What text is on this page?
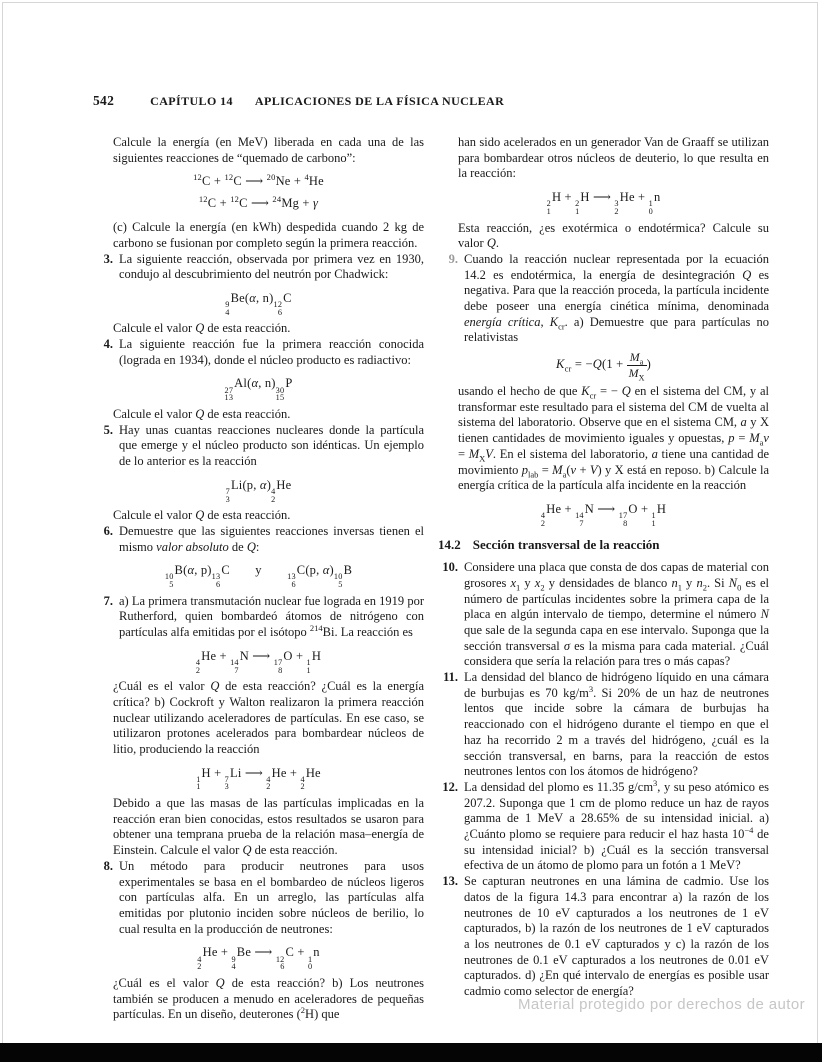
542	CAPÍTULO 14 APLICACIONES DE LA FÍSICA NUCLEAR
Calcule la energía (en MeV) liberada en cada una de las siguientes reacciones de “quemado de carbono”:
$^{12}$C + $^{12}$C ⟶ $^{20}$Ne + $^4$He
$^{12}$C + $^{12}$C ⟶ $^{24}$Mg + γ
(c) Calcule la energía (en kWh) despedida cuando 2 kg de carbono se fusionan por completo según la primera reacción.
3. La siguiente reacción, observada por primera vez en 1930, condujo al descubrimiento del neutrón por Chadwick:
9
4
Be(α, n) 12
6
C
Calcule el valor Q de esta reacción.
4. La siguiente reacción fue la primera reacción conocida (lograda en 1934), donde el núcleo producto es radiactivo:
27
13
Al(α, n) 30
15
P
Calcule el valor Q de esta reacción.
5. Hay unas cuantas reacciones nucleares donde la partícula que emerge y el núcleo producto son idénticas. Un ejemplo de lo anterior es la reacción
7
3
Li(p, α) 4
2
He
Calcule el valor Q de esta reacción.
6. Demuestre que las siguientes reacciones inversas tienen el mismo valor absoluto de Q:
10
5
B(α, p) 13
6
C  y   13
6
C(p, α) 10
5
B
7. a) La primera transmutación nuclear fue lograda en 1919 por Rutherford, quien bombardeó átomos de nitrógeno con partículas alfa emitidas por el isótopo $^{214}$Bi. La reacción es
4
2
He + 14
7
N ⟶ 17
8
O + 1
1
H
¿Cuál es el valor Q de esta reacción? ¿Cuál es la energía crítica? b) Cockroft y Walton realizaron la primera reacción nuclear utilizando aceleradores de partículas. En ese caso, se utilizaron protones acelerados para bombardear núcleos de litio, produciendo la reacción
1
1
H + 7
3
Li ⟶ 4
2
He + 4
2
He
Debido a que las masas de las partículas implicadas en la reacción eran bien conocidas, estos resultados se usaron para obtener una temprana prueba de la relación masa–energía de Einstein. Calcule el valor Q de esta reacción.
8. Un método para producir neutrones para usos experimentales se basa en el bombardeo de núcleos ligeros con partículas alfa. En un arreglo, las partículas alfa emitidas por plutonio inciden sobre núcleos de berilio, lo cual resulta en la producción de neutrones:
4
2
He + 9
4
Be ⟶ 12
6
C + 1
0
n
¿Cuál es el valor Q de esta reacción? b) Los neutrones también se producen a menudo en aceleradores de pequeñas partículas. En un diseño, deuterones ($^2$H) que
han sido acelerados en un generador Van de Graaff se utilizan para bombardear otros núcleos de deuterio, lo que resulta en la reacción:
2
1
H + 2
1
H ⟶ 3
2
He + 1
0
n
Esta reacción, ¿es exotérmica o endotérmica? Calcule su valor Q.
9. Cuando la reacción nuclear representada por la ecuación 14.2 es endotérmica, la energía de desintegración Q es negativa. Para que la reacción proceda, la partícula incidente debe poseer una energía cinética mínima, denominada energía crítica, $K_{cr}$. a) Demuestre que para partículas no relativistas
$K_{cr} = -Q(1 + \frac{M_a}{M_X}$ )
usando el hecho de que $K_{cr}$ = − Q en el sistema del CM, y al transformar este resultado para el sistema del CM de vuelta al sistema del laboratorio. Observe que en el sistema CM, a y X tienen cantidades de movimiento iguales y opuestas, $p = M_av = M_XV$. En el sistema del laboratorio, a tiene una cantidad de movimiento $p_{lab} = M_a(v + V)$ y X está en reposo. b) Calcule la energía crítica de la partícula alfa incidente en la reacción
4
2
He + 14
7
N ⟶ 17
8
O + 1
1
H
14.2 Sección transversal de la reacción
10. Considere una placa que consta de dos capas de material con grosores $x_1$ y $x_2$ y densidades de blanco $n_1$ y $n_2$. Si $N_0$ es el número de partículas incidentes sobre la primera capa de la placa en algún intervalo de tiempo, determine el número N que sale de la segunda capa en ese intervalo. Suponga que la sección transversal σ es la misma para cada material. ¿Cuál considera que sería la relación para tres o más capas?
11. La densidad del blanco de hidrógeno líquido en una cámara de burbujas es 70 $kg/m^3$. Si 20% de un haz de neutrones lentos que incide sobre la cámara de burbujas ha reaccionado con el hidrógeno durante el tiempo en que el haz ha recorrido 2 m a través del hidrógeno, ¿cuál es la sección transversal, en barns, para la reacción de estos neutrones lentos con los átomos de hidrógeno?
12. La densidad del plomo es 11.35 $g/cm^3$, y su peso atómico es 207.2. Suponga que 1 cm de plomo reduce un haz de rayos gamma de 1 MeV a 28.65% de su intensidad inicial. a) ¿Cuánto plomo se requiere para reducir el haz hasta $10^{-4}$ de su intensidad inicial? b) ¿Cuál es la sección transversal efectiva de un átomo de plomo para un fotón a 1 MeV?
13. Se capturan neutrones en una lámina de cadmio. Use los datos de la figura 14.3 para encontrar a) la razón de los neutrones de 10 eV capturados a los neutrones de 1 eV capturados, b) la razón de los neutrones de 1 eV capturados a los neutrones de 0.1 eV capturados y c) la razón de los neutrones de 0.1 eV capturados a los neutrones de 0.01 eV capturados. d) ¿En qué intervalo de energías es posible usar cadmio como selector de energía?
Material protegido por derechos de autor
